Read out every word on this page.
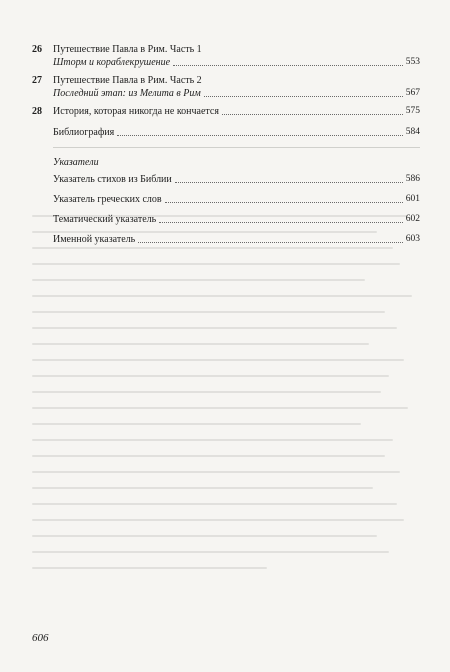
26 Путешествие Павла в Рим. Часть 1
Шторм и кораблекрушение	553
27 Путешествие Павла в Рим. Часть 2
Последний этап: из Мелита в Рим	567
28 История, которая никогда не кончается	575
Библиография	584
Указатели
Указатель стихов из Библии	586
Указатель греческих слов	601
Тематический указатель	602
Именной указатель	603
606
